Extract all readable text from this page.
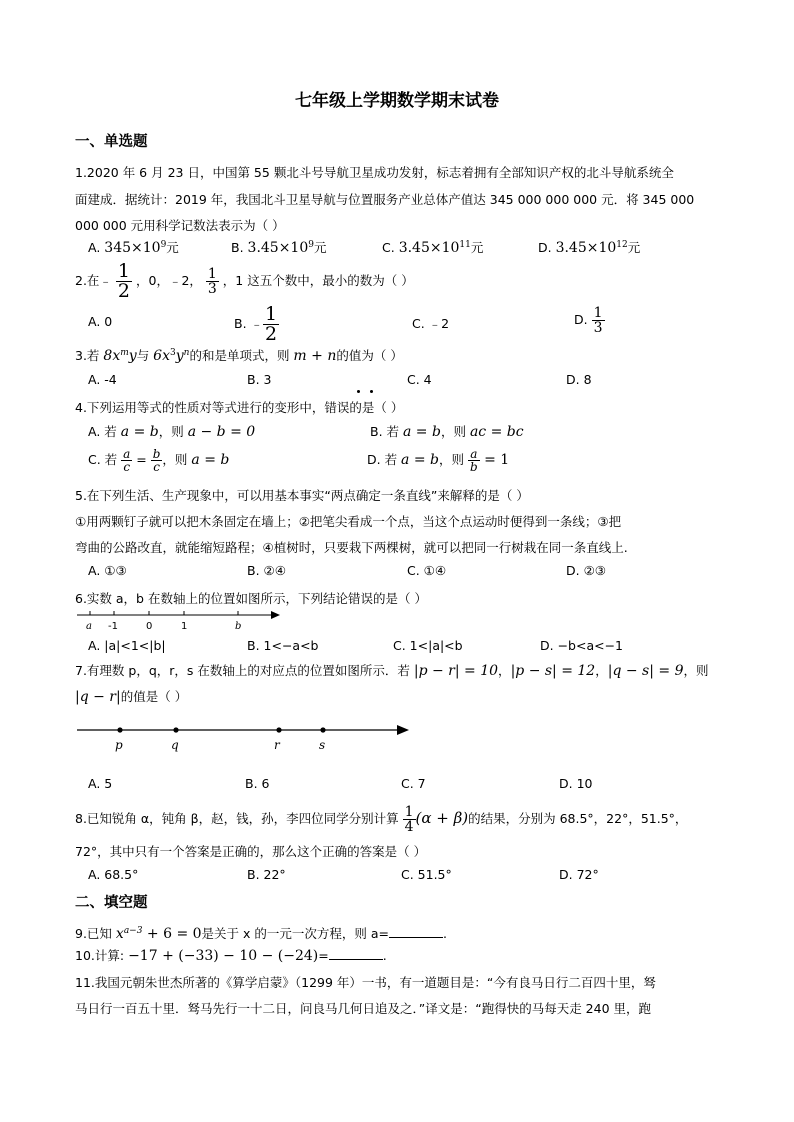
七年级上学期数学期末试卷
一、单选题
1.2020 年 6 月 23 日，中国第 55 颗北斗号导航卫星成功发射，标志着拥有全部知识产权的北斗导航系统全
面建成．据统计：2019 年，我国北斗卫星导航与位置服务产业总体产值达 345 000 000 000 元．将 345 000
000 000 元用科学记数法表示为（ ）
A. $345\times 10^9$元	B. $3.45\times 10^9$元	C. $3.45\times 10^{11}$元	D. $3.45\times 10^{12}$元
2.在﹣ $\frac{1}{2}$ ，0，﹣2， $\frac{1}{3}$ ，1 这五个数中，最小的数为（ ）
A. 0	B. ﹣ $\frac{1}{2}$	C. ﹣2	D. $\frac{1}{3}$
3.若 $8x^my$与 $6x^3y^n$的和是单项式，则 m + n的值为（ ）
A. -4	B. 3	C. 4	D. 8
4.下列运用等式的性质对等式进行的变形中，错误的是（ ）
A. 若 a = b，则 a − b = 0	B. 若 a = b，则 ac = bc
C. 若 $\frac{a}{c} = \frac{b}{c}$ ，则 a = b	D. 若 a = b，则 $\frac{a}{b} = 1$
5.在下列生活、生产现象中，可以用基本事实“两点确定一条直线”来解释的是（ ）
①用两颗钉子就可以把木条固定在墙上；②把笔尖看成一个点，当这个点运动时便得到一条线；③把
弯曲的公路改直，就能缩短路程；④植树时，只要栽下两棵树，就可以把同一行树栽在同一条直线上.
A. ①③	B. ②④	C. ①④	D. ②③
6.实数 a，b 在数轴上的位置如图所示，下列结论错误的是（ ）
a -1	0	1	b
A. |a|<1<|b|	B. 1<−a<b	C. 1<|a|<b	D. −b<a<−1
7.有理数 p，q，r，s 在数轴上的对应点的位置如图所示．若 |p − r| = 10，|p − s| = 12，|q − s| = 9，则
|q − r|的值是（ ）
p	q	r	s
A. 5	B. 6	C. 7	D. 10
8.已知锐角 α，钝角 β，赵，钱，孙，李四位同学分别计算 $\frac{1}{4} (\alpha + \beta)$的结果，分别为 68.5°，22°，51.5°，
72°，其中只有一个答案是正确的，那么这个正确的答案是（ ）
A. 68.5°	B. 22°	C. 51.5°	D. 72°
二、填空题
9.已知 $x^{a-3} + 6 = 0$是关于 x 的一元一次方程，则 a=	.
10.计算: −17 + (−33) − 10 − (−24)=	.
11.我国元朝朱世杰所著的《算学启蒙》（1299 年）一书，有一道题目是：“今有良马日行二百四十里，驽
马日行一百五十里．驽马先行一十二日，问良马几何日追及之．”译文是：“跑得快的马每天走 240 里，跑
